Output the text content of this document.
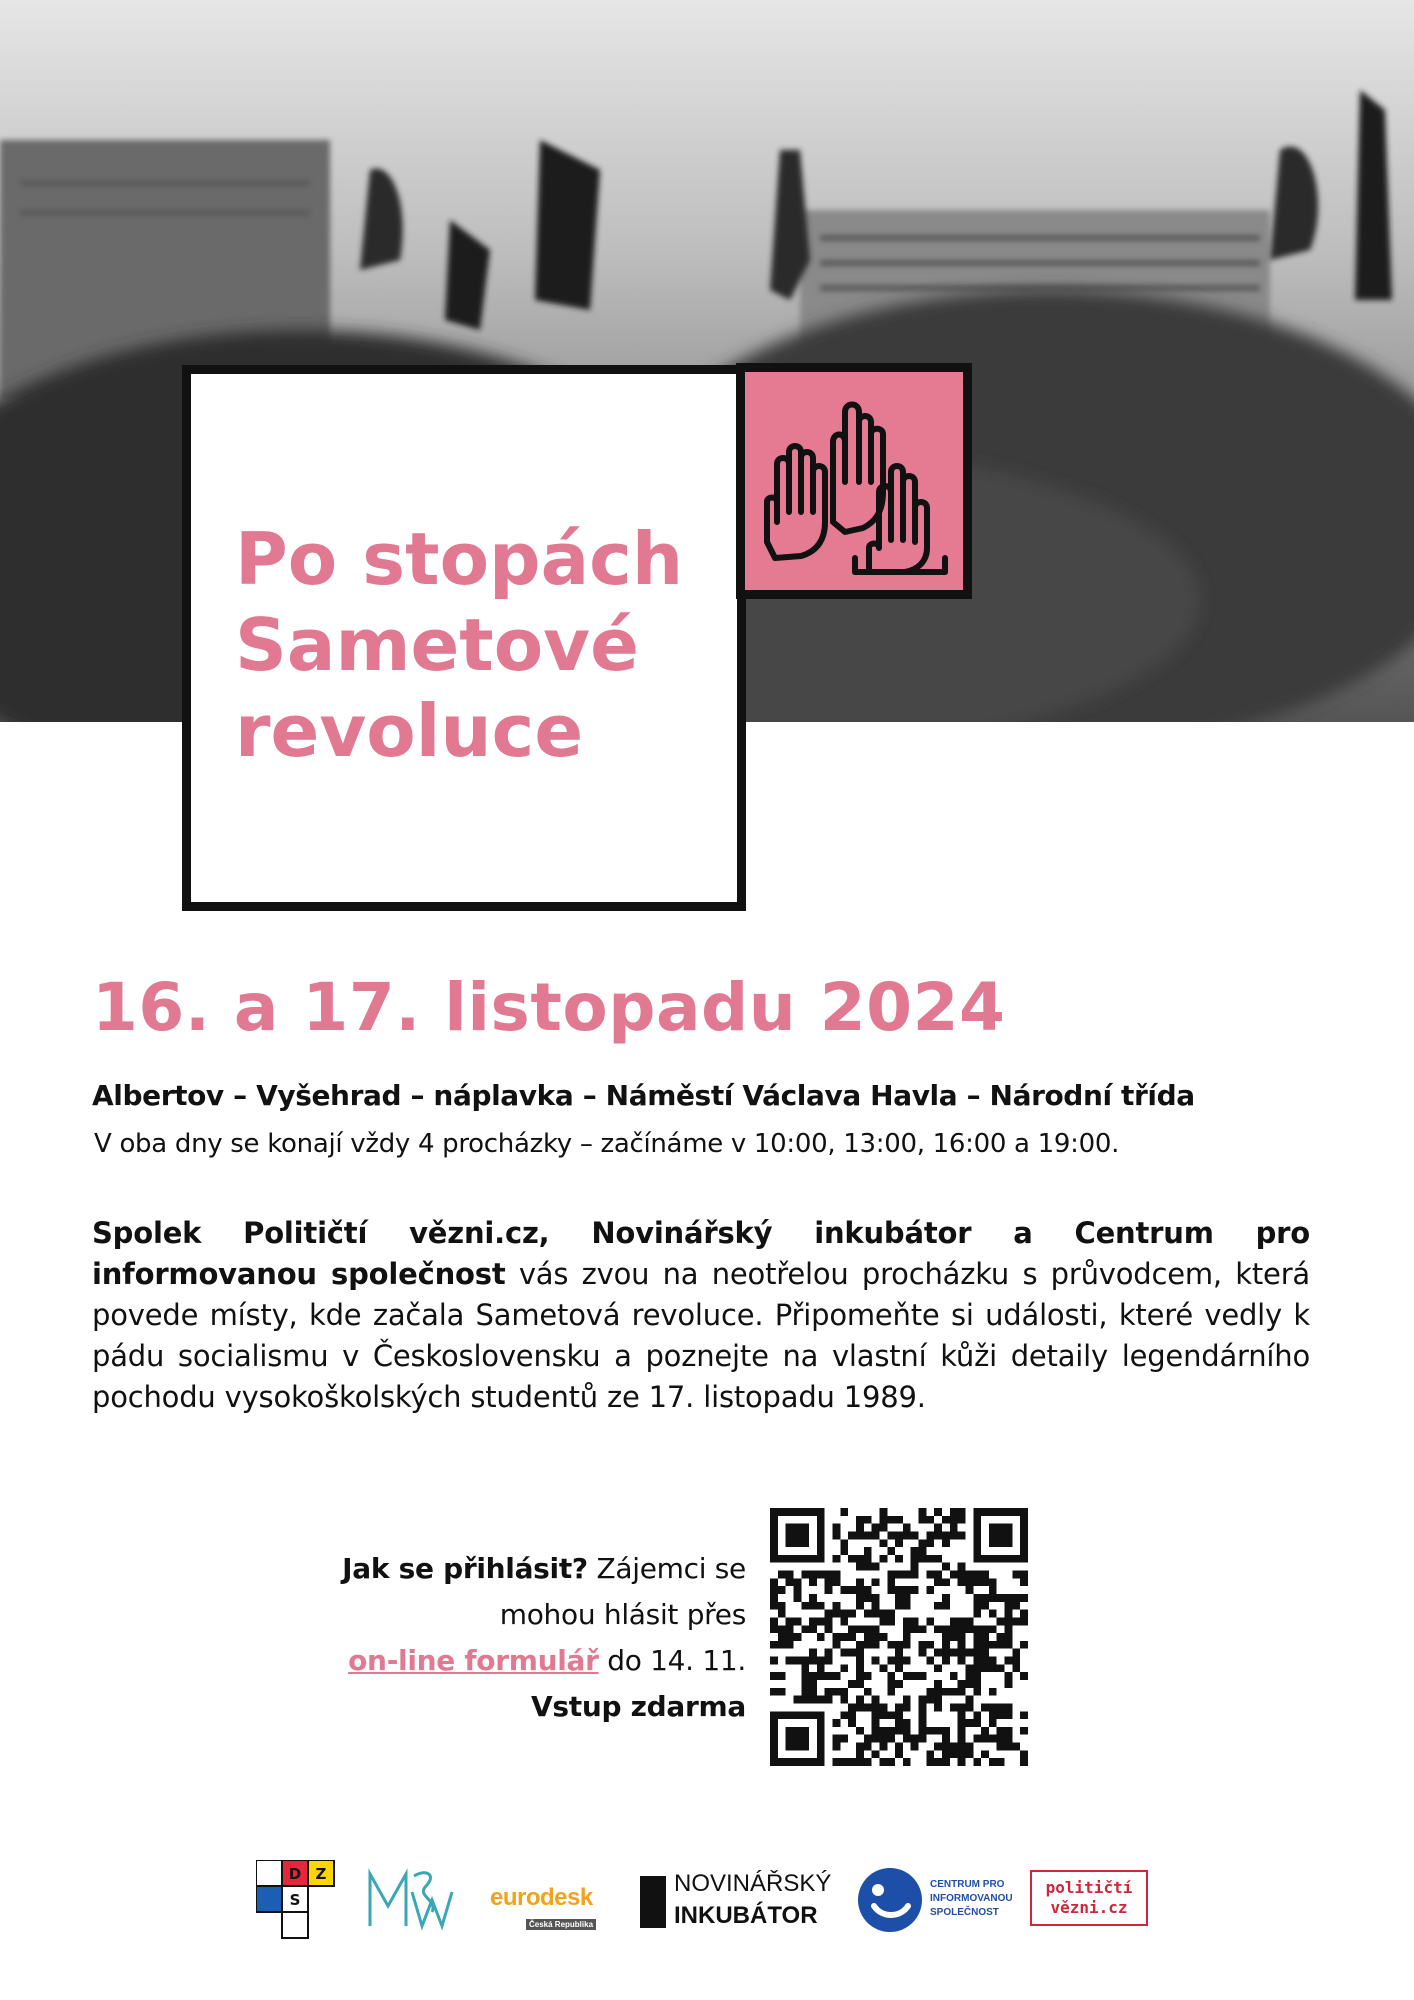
Po stopách
Sametové
revoluce
16. a 17. listopadu 2024

Albertov – Vyšehrad – náplavka – Náměstí Václava Havla – Národní třída

V oba dny se konají vždy 4 procházky – začínáme v 10:00, 13:00, 16:00 a 19:00.

Spolek Političtí vězni.cz, Novinářský inkubátor a Centrum pro informovanou společnost vás zvou na neotřelou procházku s průvodcem, která povede místy, kde začala Sametová revoluce. Připomeňte si události, které vedly k pádu socialismu v Československu a poznejte na vlastní kůži detaily legendárního pochodu vysokoškolských studentů ze 17. listopadu 1989.

Jak se přihlásit? Zájemci se
mohou hlásit přes
on-line formulář do 14. 11.
Vstup zdarma
D Z
S	eurodesk
Česká Republika
NOVINÁŘSKÝ
INKUBÁTOR
CENTRUM PRO
INFORMOVANOU
SPOLEČNOST
političtí
vězni.cz
